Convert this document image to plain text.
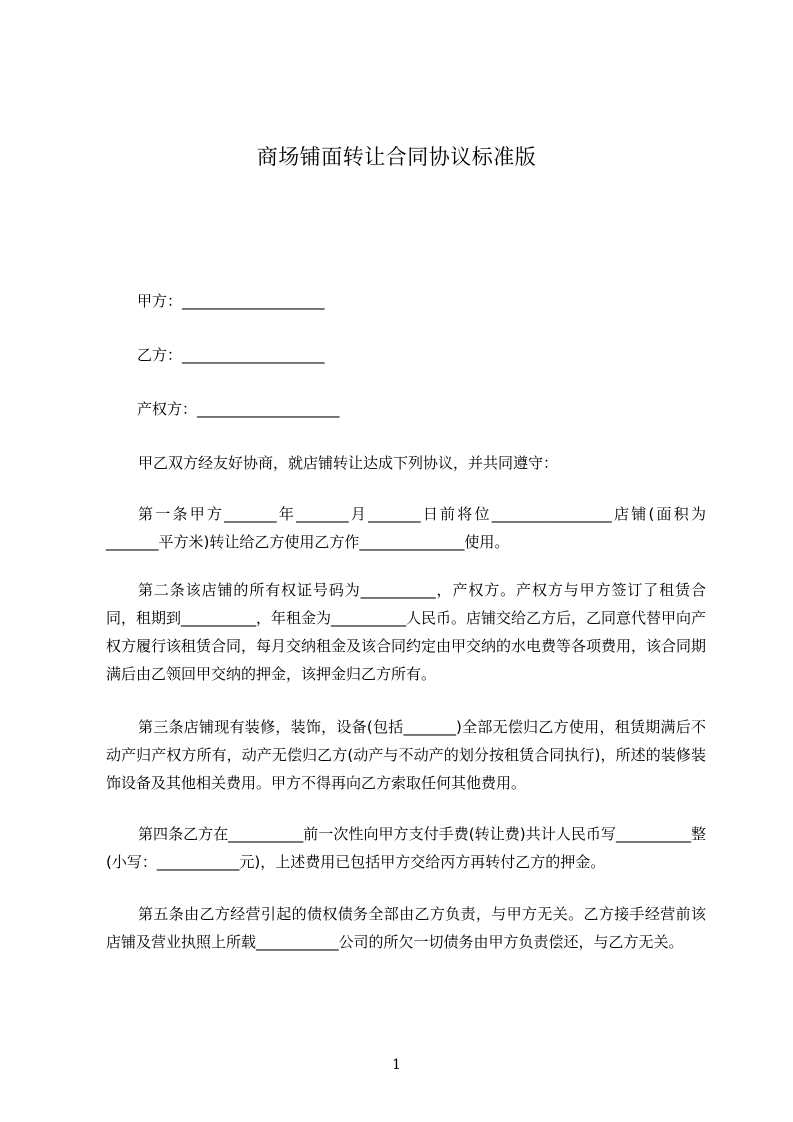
商场铺面转让合同协议标准版
甲方：___________________
乙方：___________________
产权方：___________________
甲乙双方经友好协商，就店铺转让达成下列协议，并共同遵守：
第一条甲方_______年_______月_______日前将位________________店铺(面积为_______平方米)转让给乙方使用乙方作______________使用。
第二条该店铺的所有权证号码为__________，产权方。产权方与甲方签订了租赁合同，租期到__________，年租金为__________人民币。店铺交给乙方后，乙同意代替甲向产权方履行该租赁合同，每月交纳租金及该合同约定由甲交纳的水电费等各项费用，该合同期满后由乙领回甲交纳的押金，该押金归乙方所有。
第三条店铺现有装修，装饰，设备(包括_______)全部无偿归乙方使用，租赁期满后不动产归产权方所有，动产无偿归乙方(动产与不动产的划分按租赁合同执行)，所述的装修装饰设备及其他相关费用。甲方不得再向乙方索取任何其他费用。
第四条乙方在__________前一次性向甲方支付手费(转让费)共计人民币写__________整(小写：___________元)，上述费用已包括甲方交给丙方再转付乙方的押金。
第五条由乙方经营引起的债权债务全部由乙方负责，与甲方无关。乙方接手经营前该店铺及营业执照上所载___________公司的所欠一切债务由甲方负责偿还，与乙方无关。
1
